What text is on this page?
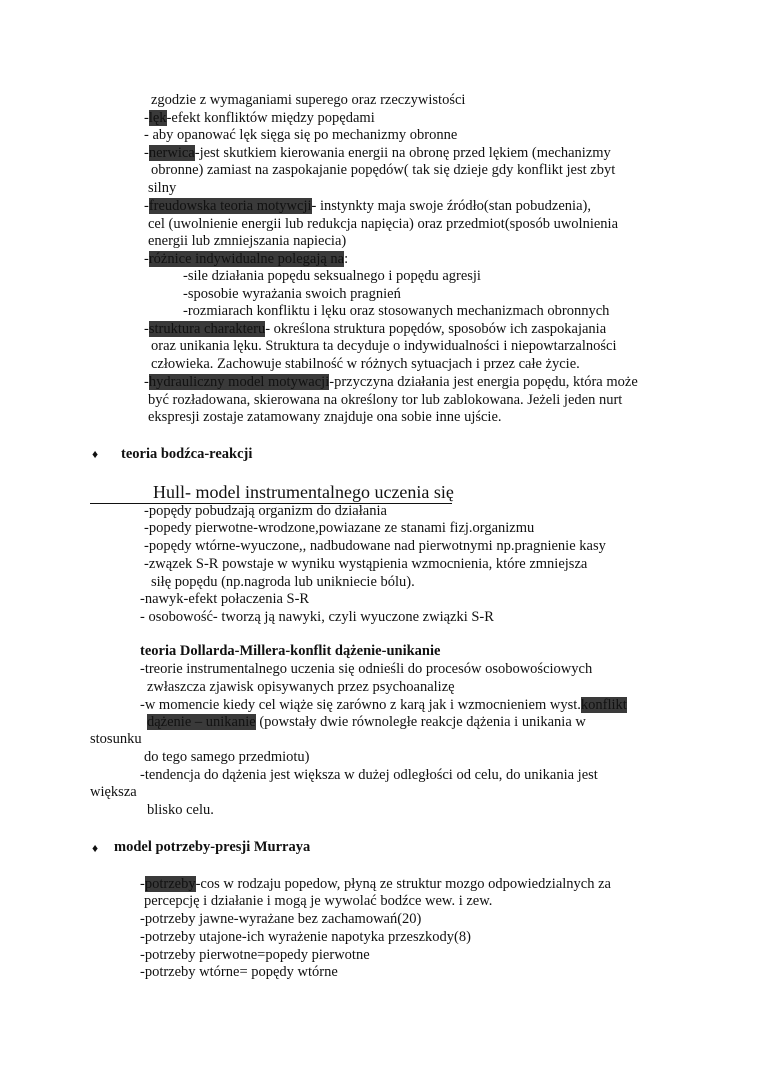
zgodzie z wymaganiami superego oraz rzeczywistości
-lęk-efekt konfliktów między popędami
- aby opanować lęk sięga się po mechanizmy obronne
-nerwica-jest skutkiem kierowania energii na obronę przed lękiem (mechanizmy
obronne) zamiast na zaspokajanie popędów( tak się dzieje gdy konflikt jest zbyt
silny
-freudowska teoria motywcji- instynkty maja swoje źródło(stan pobudzenia),
cel (uwolnienie energii lub redukcja napięcia) oraz przedmiot(sposób uwolnienia
energii lub zmniejszania napiecia)
-różnice indywidualne polegają na:
-sile działania popędu seksualnego i popędu agresji
-sposobie wyrażania swoich pragnień
-rozmiarach konfliktu i lęku oraz stosowanych mechanizmach obronnych
-struktura charakteru- określona struktura popędów, sposobów ich zaspokajania
oraz unikania lęku. Struktura ta decyduje o indywidualności i niepowtarzalności
człowieka. Zachowuje stabilność w różnych sytuacjach i przez całe życie.
-hydrauliczny model motywacji-przyczyna działania jest energia popędu, która może
być rozładowana, skierowana na określony tor lub zablokowana. Jeżeli jeden nurt
ekspresji zostaje zatamowany znajduje ona sobie inne ujście.
♦ teoria bodźca-reakcji
Hull- model instrumentalnego uczenia się
-popędy pobudzają organizm do działania
-popedy pierwotne-wrodzone,powiazane ze stanami fizj.organizmu
-popędy wtórne-wyuczone,, nadbudowane nad pierwotnymi np.pragnienie kasy
-zwązek S-R powstaje w wyniku wystąpienia wzmocnienia, które zmniejsza
siłę popędu (np.nagroda lub unikniecie bólu).
-nawyk-efekt połaczenia S-R
- osobowość- tworzą ją nawyki, czyli wyuczone związki S-R
teoria Dollarda-Millera-konflit dążenie-unikanie
-treorie instrumentalnego uczenia się odnieśli do procesów osobowościowych
zwłaszcza zjawisk opisywanych przez psychoanalizę
-w momencie kiedy cel wiąże się zarówno z karą jak i wzmocnieniem wyst.konflikt
dążenie – unikanie (powstały dwie równoległe reakcje dążenia i unikania w
stosunku
do tego samego przedmiotu)
-tendencja do dążenia jest większa w dużej odległości od celu, do unikania jest
większa
blisko celu.
♦ model potrzeby-presji Murraya
-potrzeby-cos w rodzaju popedow, płyną ze struktur mozgo odpowiedzialnych za
percepcję i działanie i mogą je wywolać bodźce wew. i zew.
-potrzeby jawne-wyrażane bez zachamowań(20)
-potrzeby utajone-ich wyrażenie napotyka przeszkody(8)
-potrzeby pierwotne=popedy pierwotne
-potrzeby wtórne= popędy wtórne
